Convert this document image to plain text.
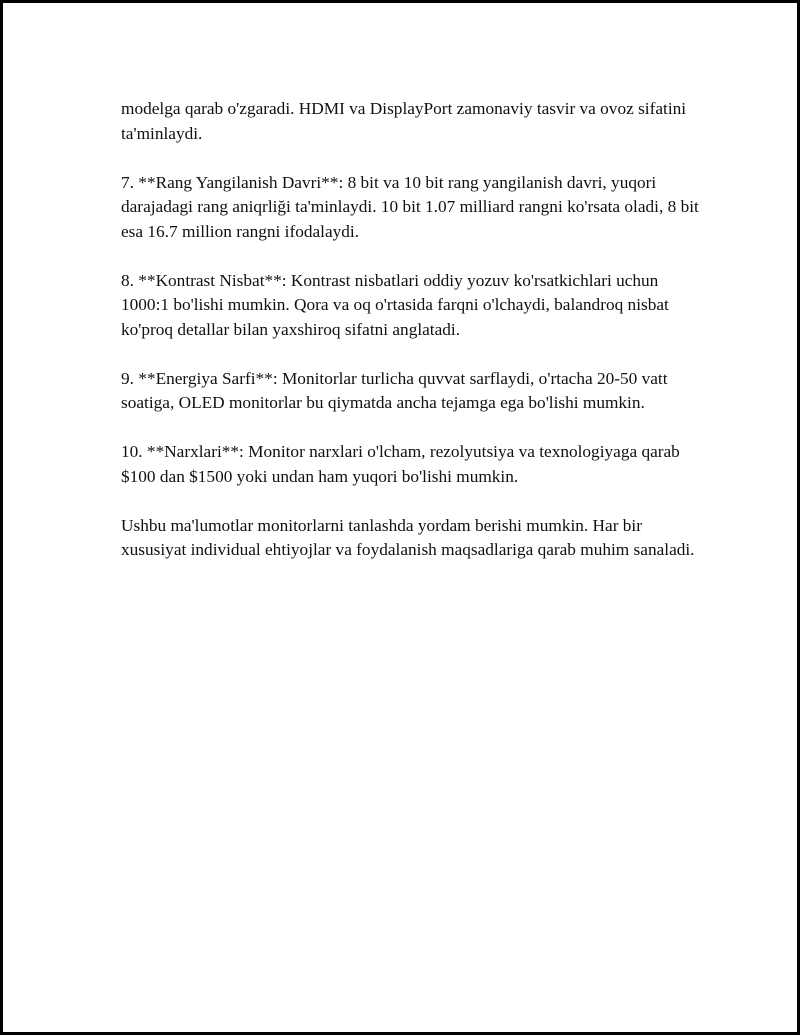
modelga qarab o'zgaradi. HDMI va DisplayPort zamonaviy tasvir va ovoz sifatini ta'minlaydi.

7. **Rang Yangilanish Davri**: 8 bit va 10 bit rang yangilanish davri, yuqori darajadagi rang aniqrliği ta'minlaydi. 10 bit 1.07 milliard rangni ko'rsata oladi, 8 bit esa 16.7 million rangni ifodalaydi.

8. **Kontrast Nisbat**: Kontrast nisbatlari oddiy yozuv ko'rsatkichlari uchun 1000:1 bo'lishi mumkin. Qora va oq o'rtasida farqni o'lchaydi, balandroq nisbat ko'proq detallar bilan yaxshiroq sifatni anglatadi.

9. **Energiya Sarfi**: Monitorlar turlicha quvvat sarflaydi, o'rtacha 20-50 vatt soatiga, OLED monitorlar bu qiymatda ancha tejamga ega bo'lishi mumkin.

10. **Narxlari**: Monitor narxlari o'lcham, rezolyutsiya va texnologiyaga qarab $100 dan $1500 yoki undan ham yuqori bo'lishi mumkin.

Ushbu ma'lumotlar monitorlarni tanlashda yordam berishi mumkin. Har bir xususiyat individual ehtiyojlar va foydalanish maqsadlariga qarab muhim sanaladi.
